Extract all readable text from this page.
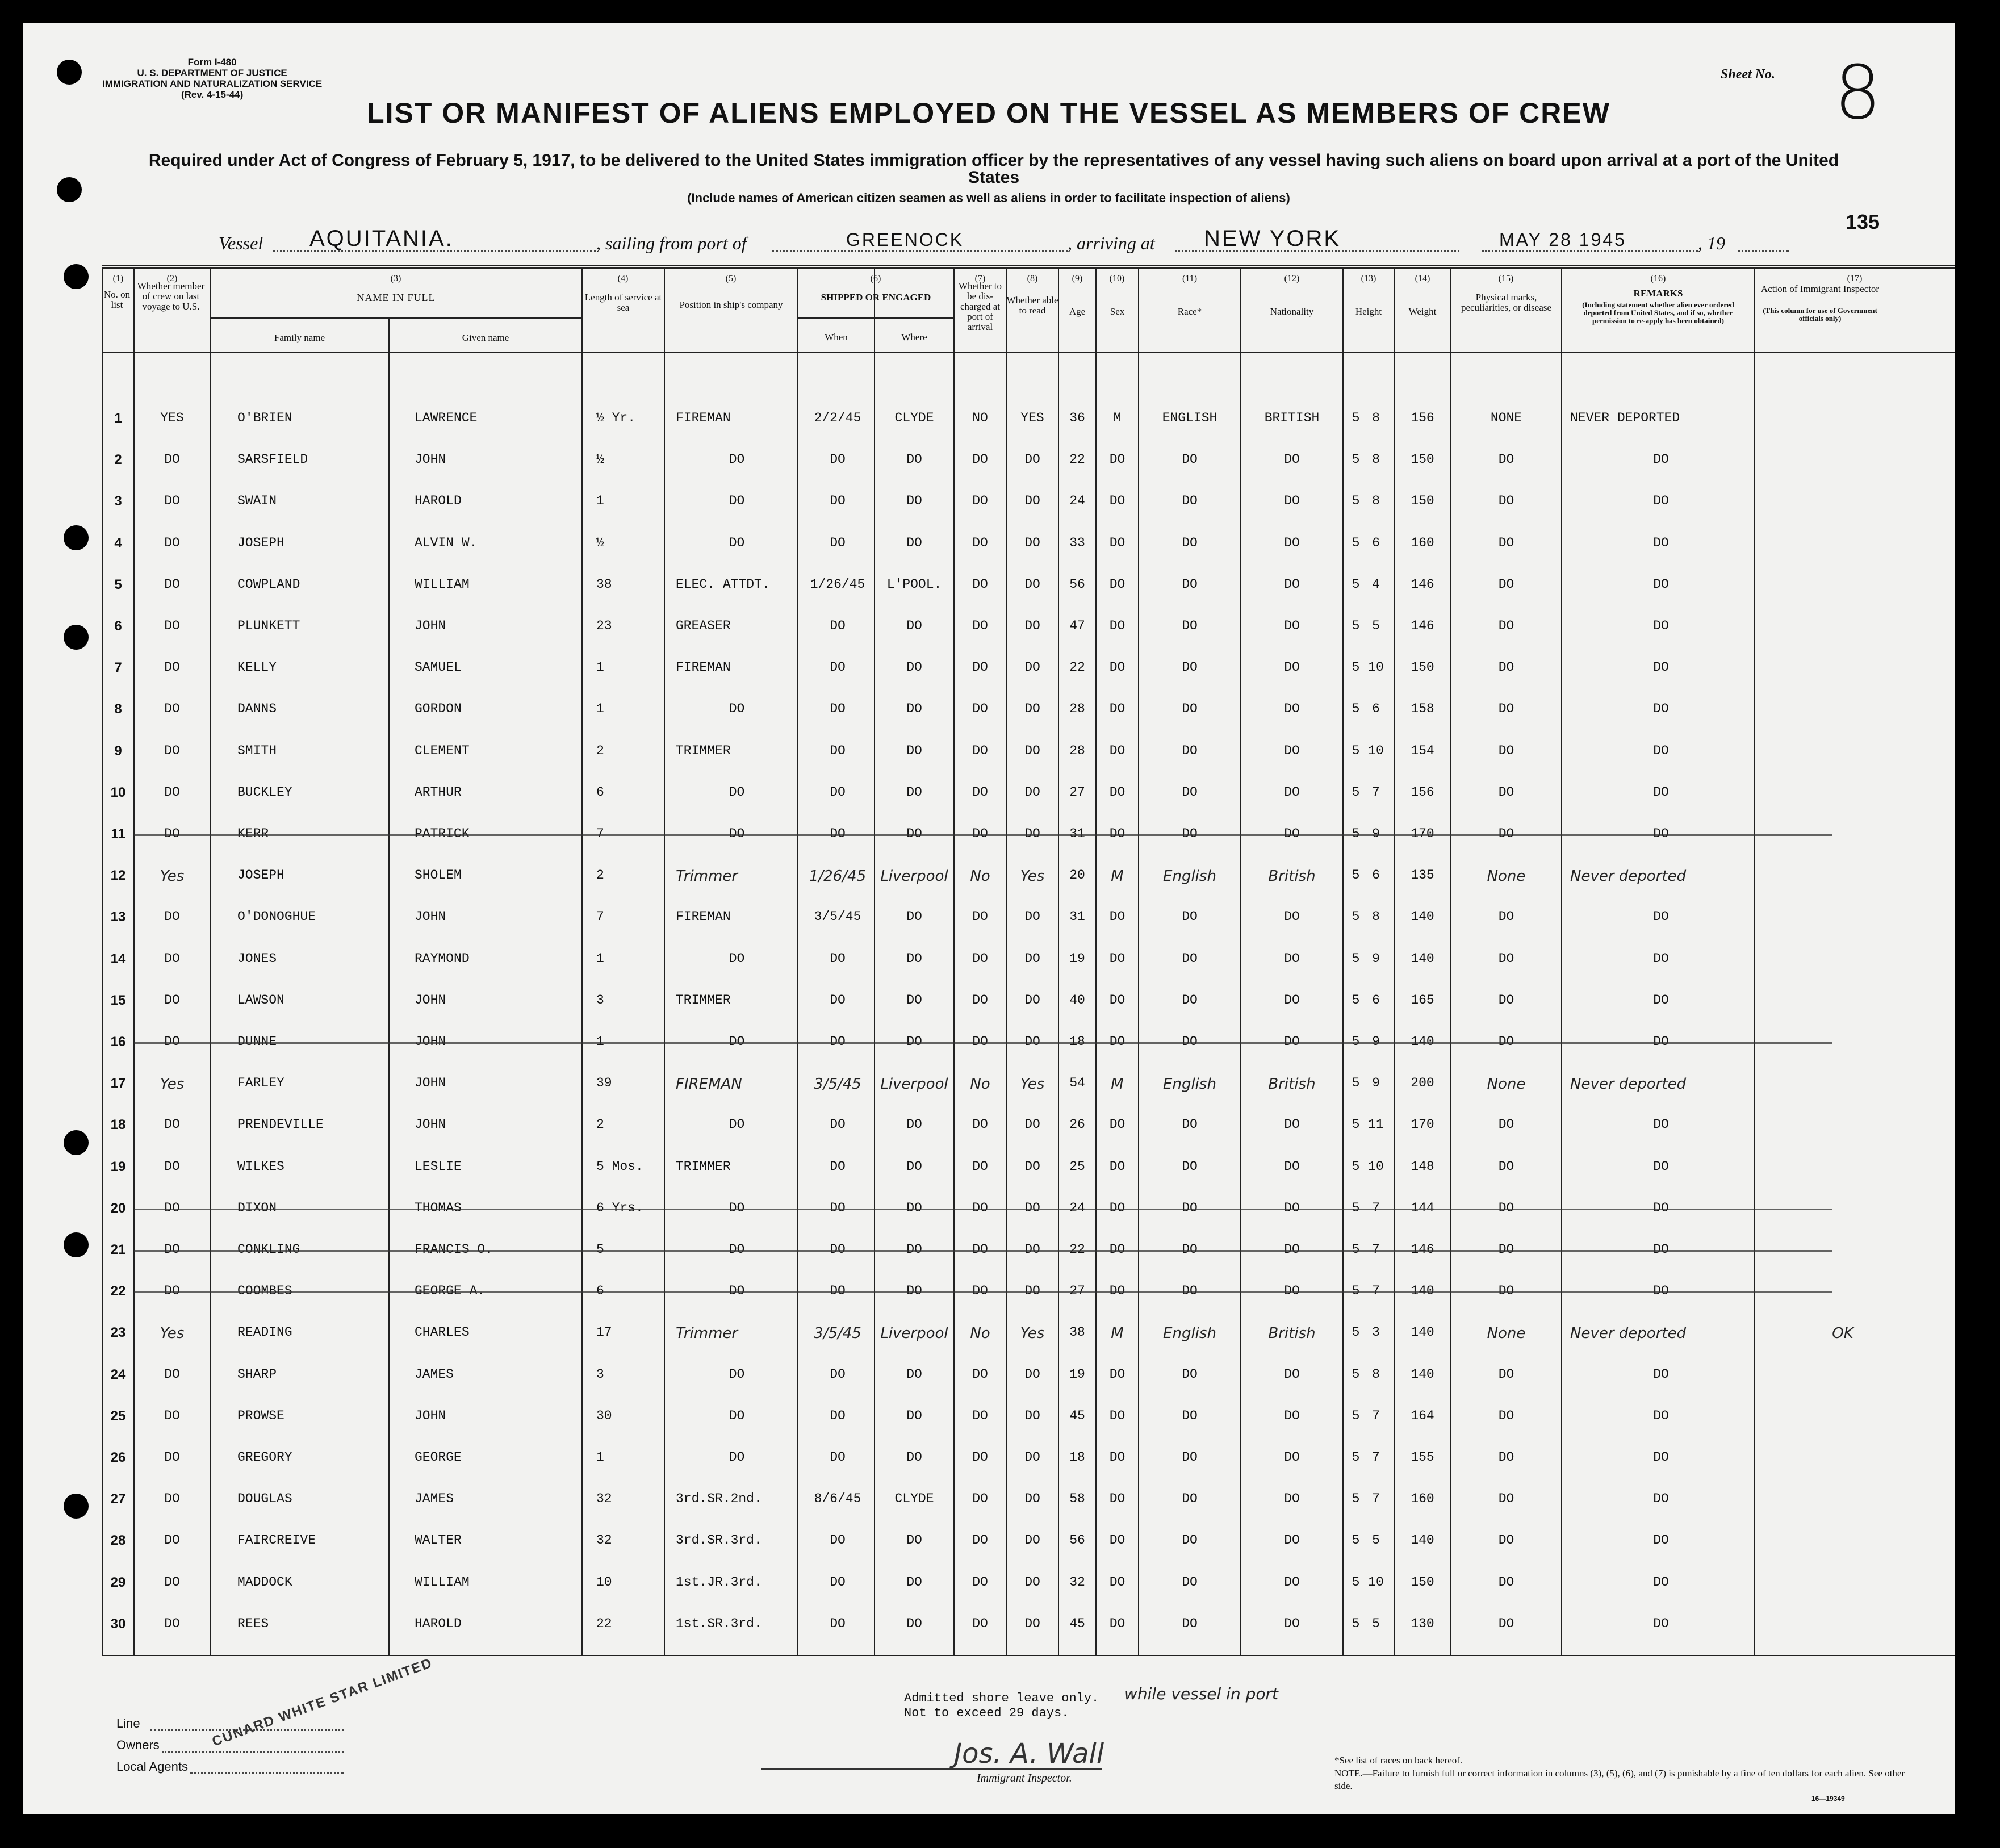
Form I-480
U. S. DEPARTMENT OF JUSTICE
IMMIGRATION AND NATURALIZATION SERVICE
(Rev. 4-15-44)
Sheet No. 8
LIST OR MANIFEST OF ALIENS EMPLOYED ON THE VESSEL AS MEMBERS OF CREW
Required under Act of Congress of February 5, 1917, to be delivered to the United States immigration officer by the representatives of any vessel having such aliens on board upon arrival at a port of the United States
(Include names of American citizen seamen as well as aliens in order to facilitate inspection of aliens)
135
Vessel AQUITANIA.	, sailing from port of	GREENOCK	, arriving at NEW YORK	MAY 28 1945	, 19
(1)	(2)	(3)	(4)	(5)	(6)	(7)	(8)	(9)	(10)	(11)	(12)	(13)	(14)	(15)	(16)	(17)
No. on list
Whether member of crew on last voyage to U.S.
NAME IN FULL
Family name	Given name
Length of service at sea	Position in ship's company
SHIPPED OR ENGAGED
When	Where
Whether to be dis-charged at port of arrival
Whether able to read	Age	Sex	Race*	Nationality	Height	Weight
Physical marks, peculiarities, or disease
REMARKS
(Including statement whether alien ever ordered deported from United States, and if so, whether permission to re-apply has been obtained)
Action of Immigrant Inspector
(This column for use of Government officials only)
1	YES	O'BRIEN	LAWRENCE	½ Yr.	FIREMAN	2/2/45	CLYDE	NO	YES	36	M	ENGLISH	BRITISH	5 8	156	NONE	NEVER DEPORTED
2	DO	SARSFIELD	JOHN	½	DO	DO	DO	DO	DO	22	DO	DO	DO	5 8	150	DO	DO
3	DO	SWAIN	HAROLD	1	DO	DO	DO	DO	DO	24	DO	DO	DO	5 8	150	DO	DO
4	DO	JOSEPH	ALVIN W.	½	DO	DO	DO	DO	DO	33	DO	DO	DO	5 6	160	DO	DO
5	DO	COWPLAND	WILLIAM	38	ELEC. ATTDT.	1/26/45	L'POOL.	DO	DO	56	DO	DO	DO	5 4	146	DO	DO
6	DO	PLUNKETT	JOHN	23	GREASER	DO	DO	DO	DO	47	DO	DO	DO	5 5	146	DO	DO
7	DO	KELLY	SAMUEL	1	FIREMAN	DO	DO	DO	DO	22	DO	DO	DO	5 10	150	DO	DO
8	DO	DANNS	GORDON	1	DO	DO	DO	DO	DO	28	DO	DO	DO	5 6	158	DO	DO
9	DO	SMITH	CLEMENT	2	TRIMMER	DO	DO	DO	DO	28	DO	DO	DO	5 10	154	DO	DO
10	DO	BUCKLEY	ARTHUR	6	DO	DO	DO	DO	DO	27	DO	DO	DO	5 7	156	DO	DO
11	DO	KERR	PATRICK	7	DO	DO	DO	DO	DO	31	DO	DO	DO	5 9	170	DO	DO
12	Yes	JOSEPH	SHOLEM	2	Trimmer	1/26/45 Liverpool	No	Yes	20	M	English	British	5 6	135	None	Never deported
13	DO	O'DONOGHUE	JOHN	7	FIREMAN	3/5/45	DO	DO	DO	31	DO	DO	DO	5 8	140	DO	DO
14	DO	JONES	RAYMOND	1	DO	DO	DO	DO	DO	19	DO	DO	DO	5 9	140	DO	DO
15	DO	LAWSON	JOHN	3	TRIMMER	DO	DO	DO	DO	40	DO	DO	DO	5 6	165	DO	DO
16	DO	DUNNE	JOHN	1	DO	DO	DO	DO	DO	18	DO	DO	DO	5 9	140	DO	DO
17	Yes	FARLEY	JOHN	39	FIREMAN	3/5/45	Liverpool	No	Yes	54	M	English	British	5 9	200	None	Never deported
18	DO	PRENDEVILLE	JOHN	2	DO	DO	DO	DO	DO	26	DO	DO	DO	5 11	170	DO	DO
19	DO	WILKES	LESLIE	5 Mos.	TRIMMER	DO	DO	DO	DO	25	DO	DO	DO	5 10	148	DO	DO
20	DO	DIXON	THOMAS	6 Yrs.	DO	DO	DO	DO	DO	24	DO	DO	DO	5 7	144	DO	DO
21	DO	CONKLING	FRANCIS O.	5	DO	DO	DO	DO	DO	22	DO	DO	DO	5 7	146	DO	DO
22	DO	COOMBES	GEORGE A.	6	DO	DO	DO	DO	DO	27	DO	DO	DO	5 7	140	DO	DO
23	Yes	READING	CHARLES	17	Trimmer	3/5/45	Liverpool	No	Yes	38	M	English	British	5 3	140	None	Never deported	OK
24	DO	SHARP	JAMES	3	DO	DO	DO	DO	DO	19	DO	DO	DO	5 8	140	DO	DO
25	DO	PROWSE	JOHN	30	DO	DO	DO	DO	DO	45	DO	DO	DO	5 7	164	DO	DO
26	DO	GREGORY	GEORGE	1	DO	DO	DO	DO	DO	18	DO	DO	DO	5 7	155	DO	DO
27	DO	DOUGLAS	JAMES	32	3rd.SR.2nd.	8/6/45	CLYDE	DO	DO	58	DO	DO	DO	5 7	160	DO	DO
28	DO	FAIRCREIVE	WALTER	32	3rd.SR.3rd.	DO	DO	DO	DO	56	DO	DO	DO	5 5	140	DO	DO
29	DO	MADDOCK	WILLIAM	10	1st.JR.3rd.	DO	DO	DO	DO	32	DO	DO	DO	5 10	150	DO	DO
30	DO	REES	HAROLD	22	1st.SR.3rd.	DO	DO	DO	DO	45	DO	DO	DO	5 5	130	DO	DO
Line
Owners
Local Agents
CUNARD WHITE STAR LIMITED	Admitted shore leave only. while vessel in port
Not to exceed 29 days.
Jos. A. Wall
Immigrant Inspector.
*See list of races on back hereof.
NOTE.—Failure to furnish full or correct information in columns (3), (5), (6), and (7) is punishable by a fine of ten dollars for each alien. See other side.
16—19349
